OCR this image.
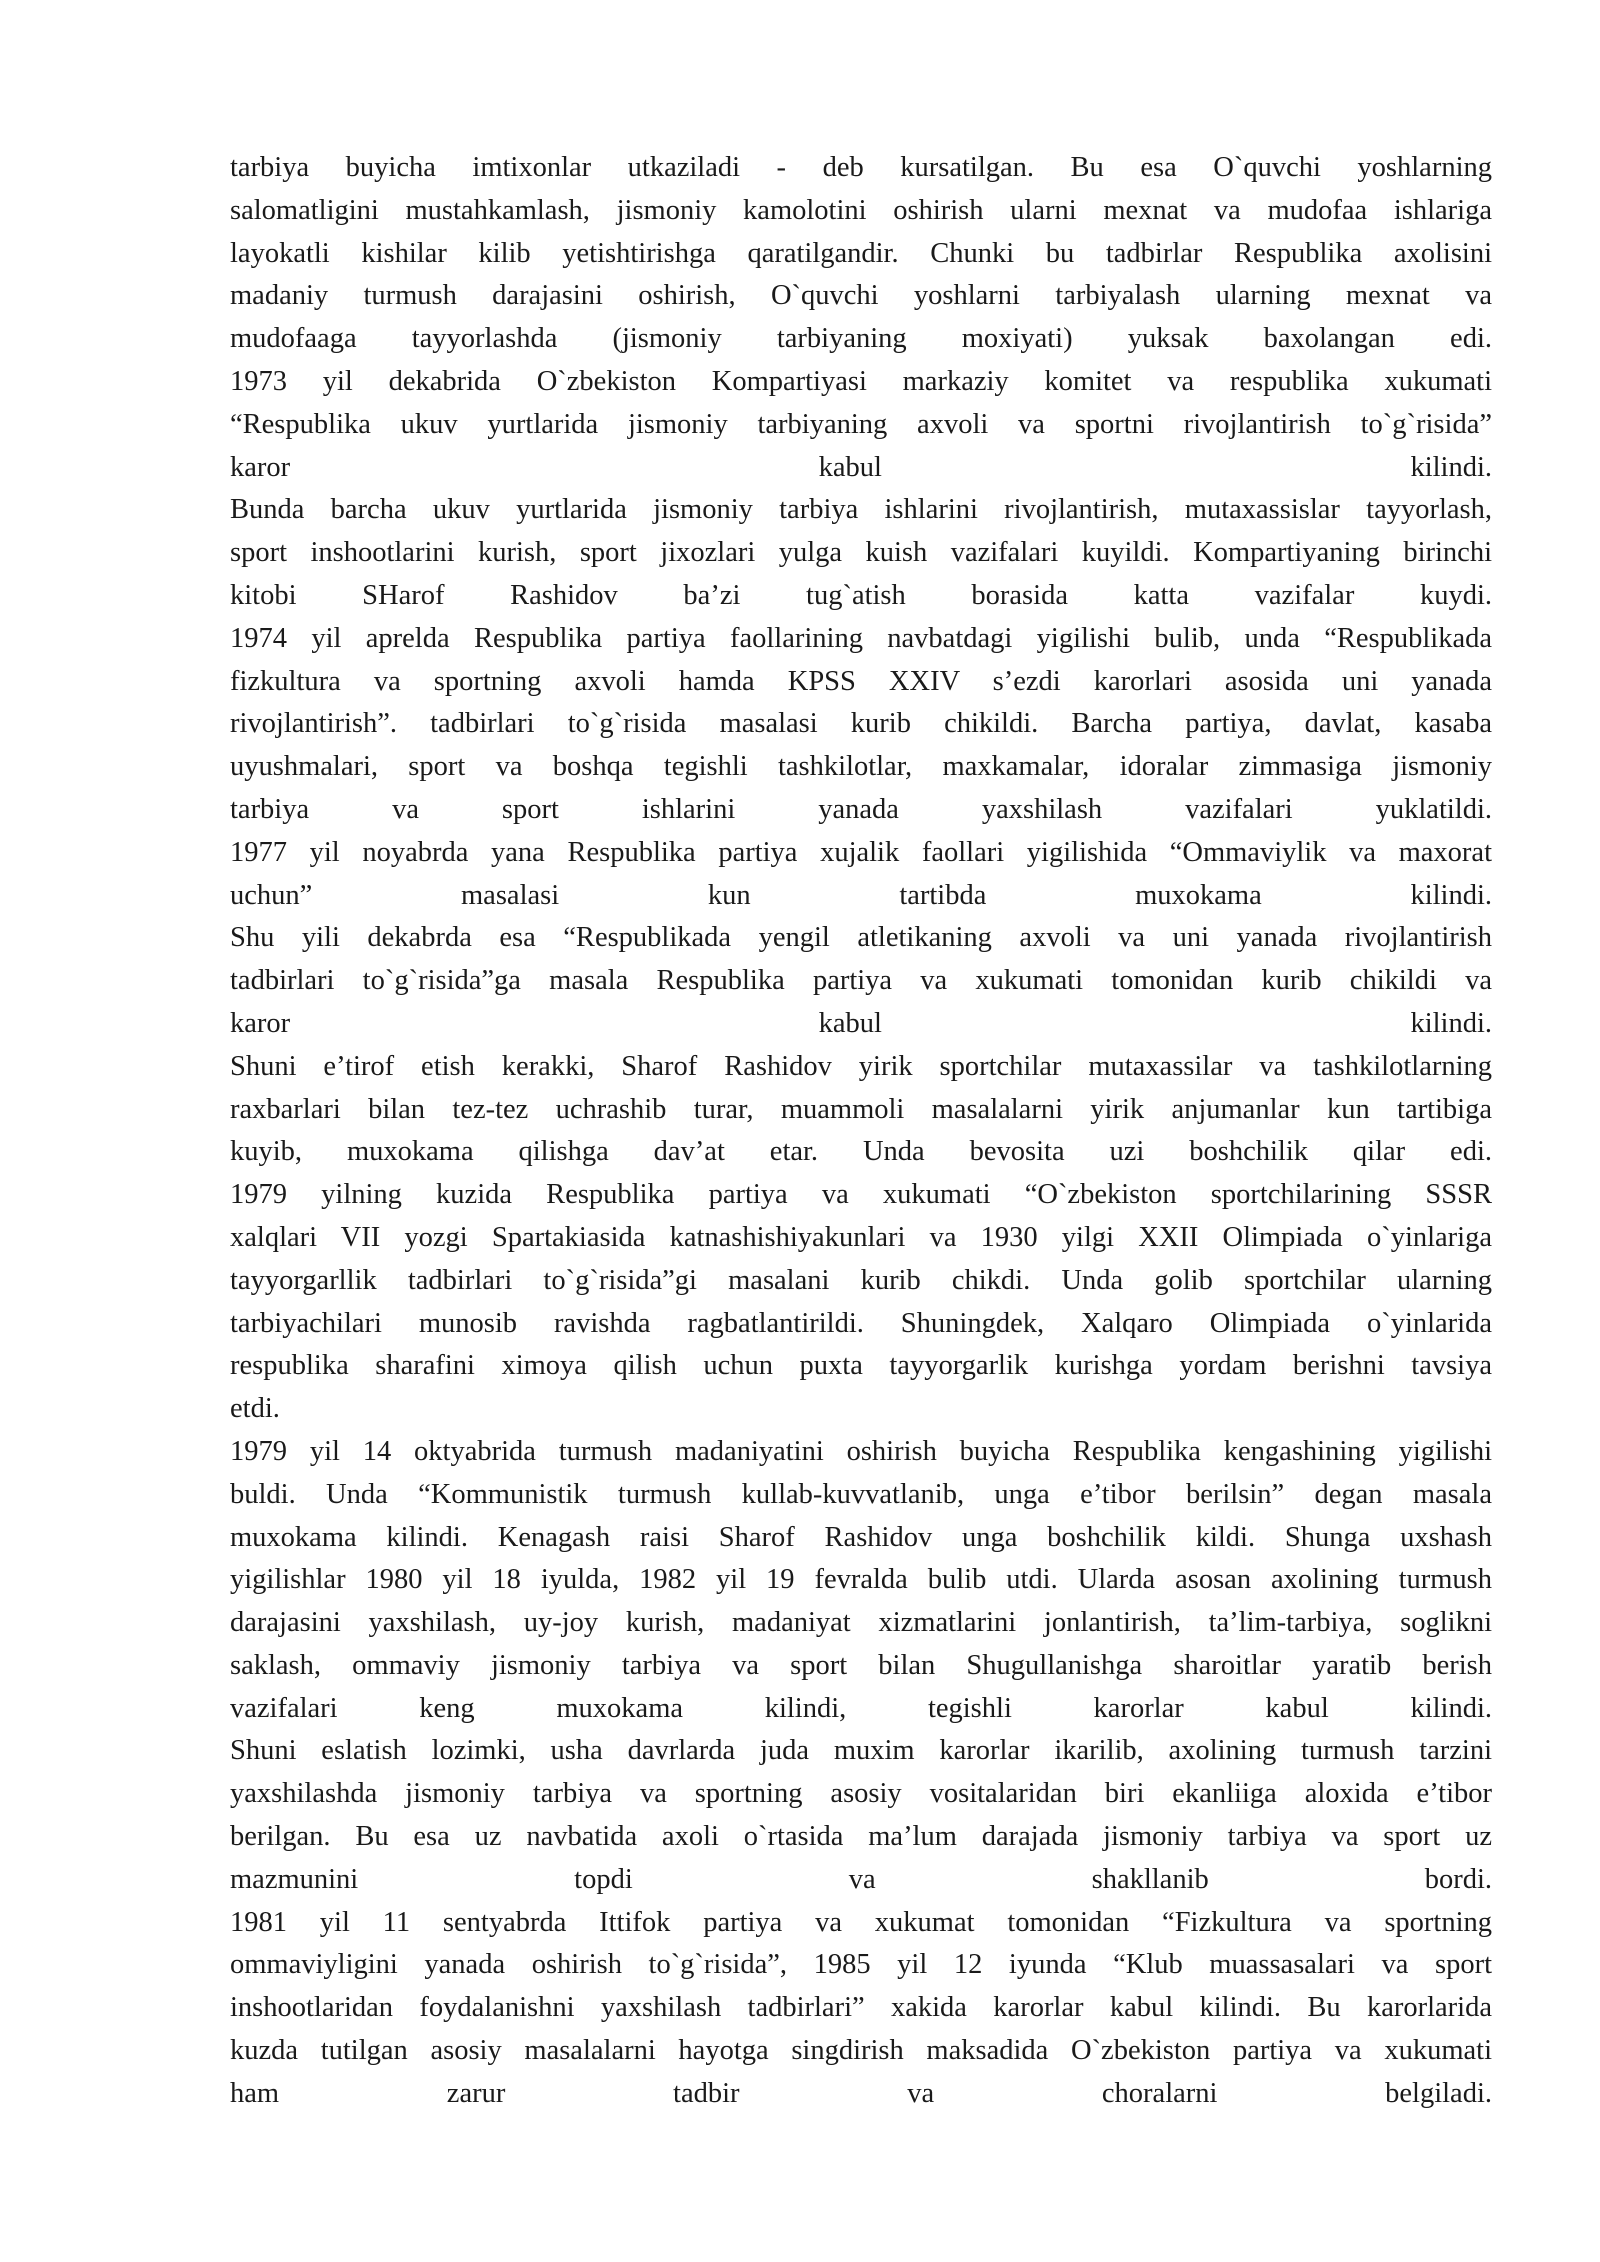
tarbiya buyicha imtixonlar utkaziladi - deb kursatilgan. Bu esa O`quvchi yoshlarning
salomatligini mustahkamlash, jismoniy kamolotini oshirish ularni mexnat va mudofaa ishlariga
layokatli kishilar kilib yetishtirishga qaratilgandir. Chunki bu tadbirlar Respublika axolisini
madaniy turmush darajasini oshirish, O`quvchi yoshlarni tarbiyalash ularning mexnat va
mudofaaga tayyorlashda (jismoniy tarbiyaning moxiyati) yuksak baxolangan edi.
1973 yil dekabrida O`zbekiston Kompartiyasi markaziy komitet va respublika xukumati
“Respublika ukuv yurtlarida jismoniy tarbiyaning axvoli va sportni rivojlantirish to`g`risida”
karor kabul kilindi.
Bunda barcha ukuv yurtlarida jismoniy tarbiya ishlarini rivojlantirish, mutaxassislar tayyorlash,
sport inshootlarini kurish, sport jixozlari yulga kuish vazifalari kuyildi. Kompartiyaning birinchi
kitobi SHarof Rashidov ba’zi tug`atish borasida katta vazifalar kuydi.
1974 yil aprelda Respublika partiya faollarining navbatdagi yigilishi bulib, unda “Respublikada
fizkultura va sportning axvoli hamda KPSS XXIV s’ezdi karorlari asosida uni yanada
rivojlantirish”. tadbirlari to`g`risida masalasi kurib chikildi. Barcha partiya, davlat, kasaba
uyushmalari, sport va boshqa tegishli tashkilotlar, maxkamalar, idoralar zimmasiga jismoniy
tarbiya va sport ishlarini yanada yaxshilash vazifalari yuklatildi.
1977 yil noyabrda yana Respublika partiya xujalik faollari yigilishida “Ommaviylik va maxorat
uchun” masalasi kun tartibda muxokama kilindi.
Shu yili dekabrda esa “Respublikada yengil atletikaning axvoli va uni yanada rivojlantirish
tadbirlari to`g`risida”ga masala Respublika partiya va xukumati tomonidan kurib chikildi va
karor kabul kilindi.
Shuni e’tirof etish kerakki, Sharof Rashidov yirik sportchilar mutaxassilar va tashkilotlarning
raxbarlari bilan tez-tez uchrashib turar, muammoli masalalarni yirik anjumanlar kun tartibiga
kuyib, muxokama qilishga dav’at etar. Unda bevosita uzi boshchilik qilar edi.
1979 yilning kuzida Respublika partiya va xukumati “O`zbekiston sportchilarining SSSR
xalqlari VII yozgi Spartakiasida katnashishiyakunlari va 1930 yilgi XXII Olimpiada o`yinlariga
tayyorgarllik tadbirlari to`g`risida”gi masalani kurib chikdi. Unda golib sportchilar ularning
tarbiyachilari munosib ravishda ragbatlantirildi. Shuningdek, Xalqaro Olimpiada o`yinlarida
respublika sharafini ximoya qilish uchun puxta tayyorgarlik kurishga yordam berishni tavsiya
etdi.
1979 yil 14 oktyabrida turmush madaniyatini oshirish buyicha Respublika kengashining yigilishi
buldi. Unda “Kommunistik turmush kullab-kuvvatlanib, unga e’tibor berilsin” degan masala
muxokama kilindi. Kenagash raisi Sharof Rashidov unga boshchilik kildi. Shunga uxshash
yigilishlar 1980 yil 18 iyulda, 1982 yil 19 fevralda bulib utdi. Ularda asosan axolining turmush
darajasini yaxshilash, uy-joy kurish, madaniyat xizmatlarini jonlantirish, ta’lim-tarbiya, soglikni
saklash, ommaviy jismoniy tarbiya va sport bilan Shugullanishga sharoitlar yaratib berish
vazifalari keng muxokama kilindi, tegishli karorlar kabul kilindi.
Shuni eslatish lozimki, usha davrlarda juda muxim karorlar ikarilib, axolining turmush tarzini
yaxshilashda jismoniy tarbiya va sportning asosiy vositalaridan biri ekanliiga aloxida e’tibor
berilgan. Bu esa uz navbatida axoli o`rtasida ma’lum darajada jismoniy tarbiya va sport uz
mazmunini topdi va shakllanib bordi.
1981 yil 11 sentyabrda Ittifok partiya va xukumat tomonidan “Fizkultura va sportning
ommaviyligini yanada oshirish to`g`risida”, 1985 yil 12 iyunda “Klub muassasalari va sport
inshootlaridan foydalanishni yaxshilash tadbirlari” xakida karorlar kabul kilindi. Bu karorlarida
kuzda tutilgan asosiy masalalarni hayotga singdirish maksadida O`zbekiston partiya va xukumati
ham zarur tadbir va choralarni belgiladi.
